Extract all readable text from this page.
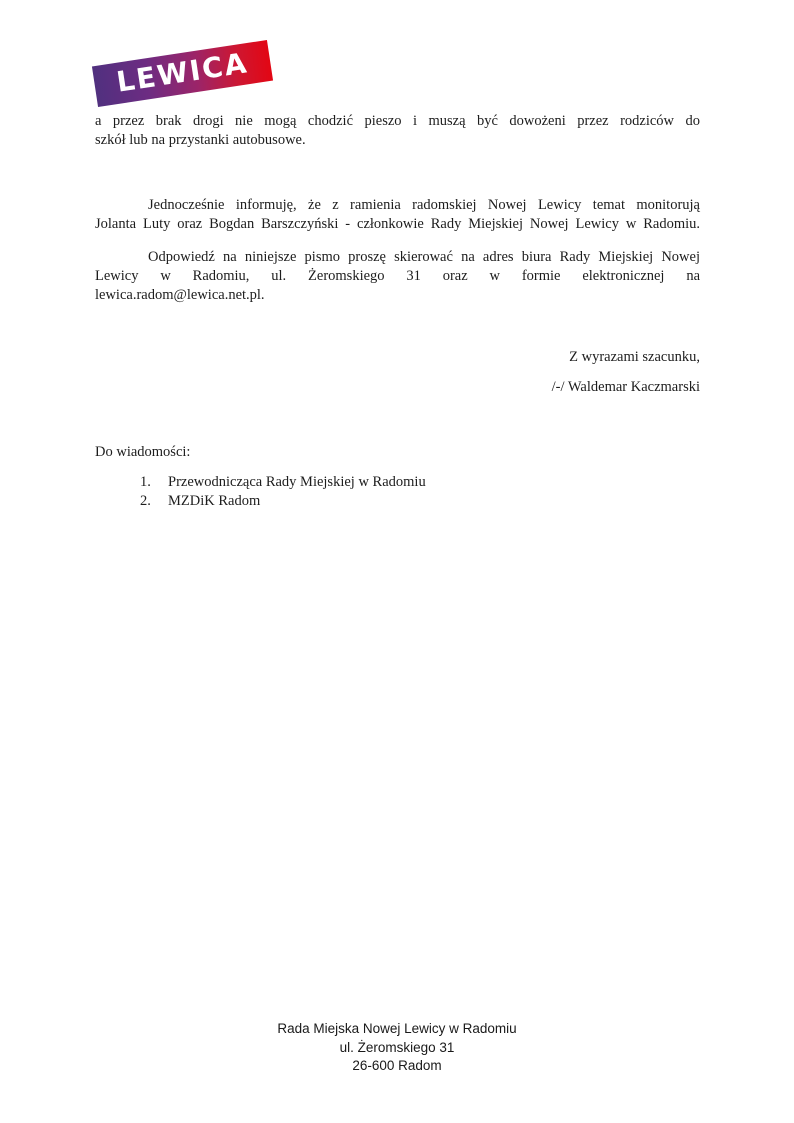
LEWICA
a przez brak drogi nie mogą chodzić pieszo i muszą być dowożeni przez rodziców do
szkół lub na przystanki autobusowe.
Jednocześnie informuję, że z ramienia radomskiej Nowej Lewicy temat monitorują
Jolanta Luty oraz Bogdan Barszczyński - członkowie Rady Miejskiej Nowej Lewicy w Radomiu.
Odpowiedź na niniejsze pismo proszę skierować na adres biura Rady Miejskiej Nowej
Lewicy w Radomiu, ul. Żeromskiego 31 oraz w formie elektronicznej na
lewica.radom@lewica.net.pl.
Z wyrazami szacunku,
/-/ Waldemar Kaczmarski
Do wiadomości:
1.	Przewodnicząca Rady Miejskiej w Radomiu
2.	MZDiK Radom
Rada Miejska Nowej Lewicy w Radomiu
ul. Żeromskiego 31
26-600 Radom
